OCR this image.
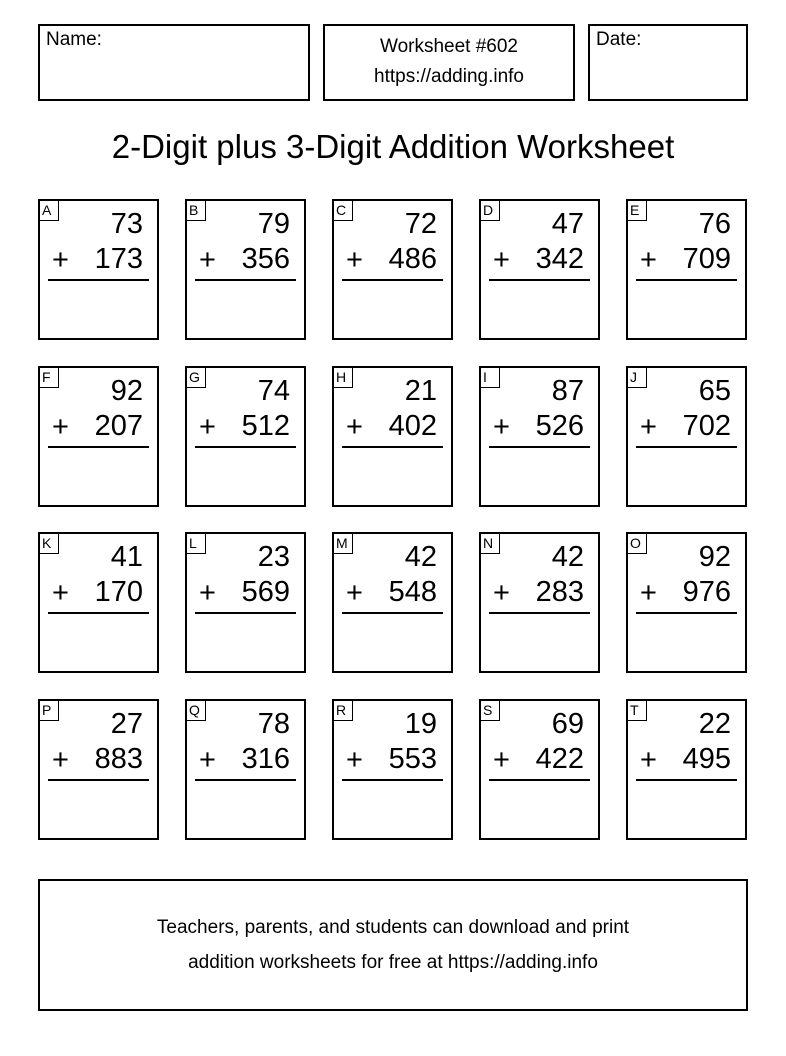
Name:	Worksheet #602
https://adding.info
Date:
2-Digit plus 3-Digit Addition Worksheet
A 73
+ 173
B 79
+ 356
C 72
+ 486
D 47
+ 342
E 76
+ 709
F 92
+ 207
G 74
+ 512
H 21
+ 402
I	87
+ 526
J	65
+ 702
K 41
+ 170
L	23
+ 569
M 42
+ 548
N 42
+ 283
O 92
+ 976
P 27
+ 883
Q 78
+ 316
R 19
+ 553
S 69
+ 422
T 22
+ 495
Teachers, parents, and students can download and print
addition worksheets for free at https://adding.info
